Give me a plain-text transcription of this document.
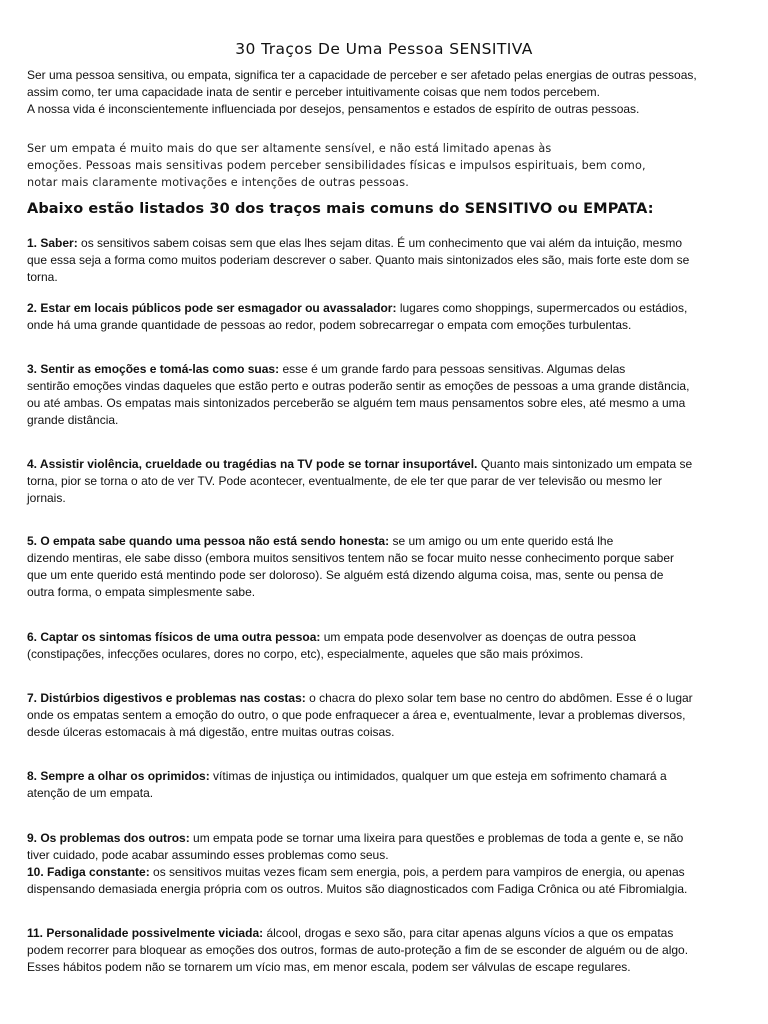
30 Traços De Uma Pessoa SENSITIVA
Ser uma pessoa sensitiva, ou empata, significa ter a capacidade de perceber e ser afetado pelas energias de outras pessoas,
assim como, ter uma capacidade inata de sentir e perceber intuitivamente coisas que nem todos percebem.
A nossa vida é inconscientemente influenciada por desejos, pensamentos e estados de espírito de outras pessoas.
Ser um empata é muito mais do que ser altamente sensível, e não está limitado apenas às
emoções. Pessoas mais sensitivas podem perceber sensibilidades físicas e impulsos espirituais, bem como,
notar mais claramente motivações e intenções de outras pessoas.
Abaixo estão listados 30 dos traços mais comuns do SENSITIVO ou EMPATA:
1. Saber: os sensitivos sabem coisas sem que elas lhes sejam ditas. É um conhecimento que vai além da intuição, mesmo
que essa seja a forma como muitos poderiam descrever o saber. Quanto mais sintonizados eles são, mais forte este dom se
torna.
2. Estar em locais públicos pode ser esmagador ou avassalador: lugares como shoppings, supermercados ou estádios,
onde há uma grande quantidade de pessoas ao redor, podem sobrecarregar o empata com emoções turbulentas.
3. Sentir as emoções e tomá-las como suas: esse é um grande fardo para pessoas sensitivas. Algumas delas
sentirão emoções vindas daqueles que estão perto e outras poderão sentir as emoções de pessoas a uma grande distância,
ou até ambas. Os empatas mais sintonizados perceberão se alguém tem maus pensamentos sobre eles, até mesmo a uma
grande distância.
4. Assistir violência, crueldade ou tragédias na TV pode se tornar insuportável. Quanto mais sintonizado um empata se
torna, pior se torna o ato de ver TV. Pode acontecer, eventualmente, de ele ter que parar de ver televisão ou mesmo ler
jornais.
5. O empata sabe quando uma pessoa não está sendo honesta: se um amigo ou um ente querido está lhe
dizendo mentiras, ele sabe disso (embora muitos sensitivos tentem não se focar muito nesse conhecimento porque saber
que um ente querido está mentindo pode ser doloroso). Se alguém está dizendo alguma coisa, mas, sente ou pensa de
outra forma, o empata simplesmente sabe.
6. Captar os sintomas físicos de uma outra pessoa: um empata pode desenvolver as doenças de outra pessoa
(constipações, infecções oculares, dores no corpo, etc), especialmente, aqueles que são mais próximos.
7. Distúrbios digestivos e problemas nas costas: o chacra do plexo solar tem base no centro do abdômen. Esse é o lugar
onde os empatas sentem a emoção do outro, o que pode enfraquecer a área e, eventualmente, levar a problemas diversos,
desde úlceras estomacais à má digestão, entre muitas outras coisas.
8. Sempre a olhar os oprimidos: vítimas de injustiça ou intimidados, qualquer um que esteja em sofrimento chamará a
atenção de um empata.
9. Os problemas dos outros: um empata pode se tornar uma lixeira para questões e problemas de toda a gente e, se não
tiver cuidado, pode acabar assumindo esses problemas como seus.
10. Fadiga constante: os sensitivos muitas vezes ficam sem energia, pois, a perdem para vampiros de energia, ou apenas
dispensando demasiada energia própria com os outros. Muitos são diagnosticados com Fadiga Crônica ou até Fibromialgia.
11. Personalidade possivelmente viciada: álcool, drogas e sexo são, para citar apenas alguns vícios a que os empatas
podem recorrer para bloquear as emoções dos outros, formas de auto-proteção a fim de se esconder de alguém ou de algo.
Esses hábitos podem não se tornarem um vício mas, em menor escala, podem ser válvulas de escape regulares.
